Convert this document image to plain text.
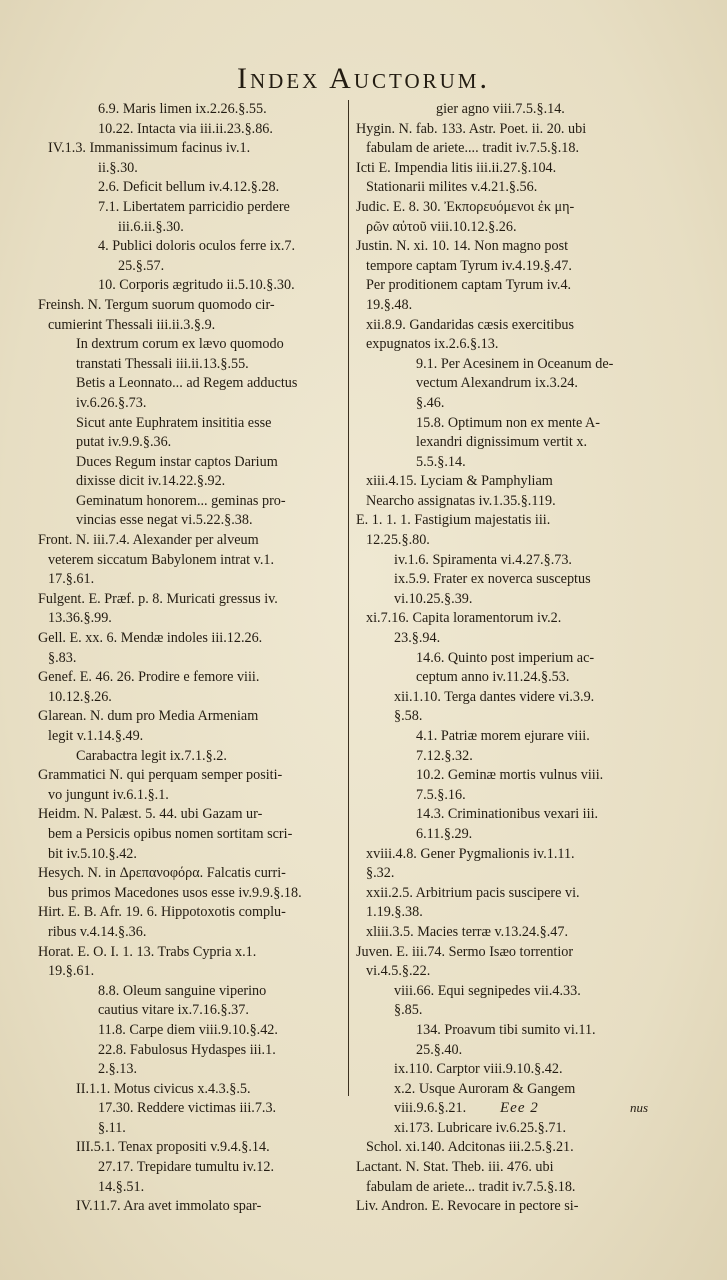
Index Auctorum.
6.9. Maris limen ix.2.26.§.55.
10.22. Intacta via iii.ii.23.§.86.
IV.1.3. Immanissimum facinus iv.1.
ii.§.30.
2.6. Deficit bellum iv.4.12.§.28.
7.1. Libertatem parricidio perdere
iii.6.ii.§.30.
4. Publici doloris oculos ferre ix.7.
25.§.57.
10. Corporis ægritudo ii.5.10.§.30.
Freinsh. N. Tergum suorum quomodo cir-
cumierint Thessali iii.ii.3.§.9.
In dextrum corum ex lævo quomodo
transtati Thessali iii.ii.13.§.55.
Betis a Leonnato... ad Regem adductus
iv.6.26.§.73.
Sicut ante Euphratem insititia esse
putat iv.9.9.§.36.
Duces Regum instar captos Darium
dixisse dicit iv.14.22.§.92.
Geminatum honorem... geminas pro-
vincias esse negat vi.5.22.§.38.
Front. N. iii.7.4. Alexander per alveum
veterem siccatum Babylonem intrat v.1.
17.§.61.
Fulgent. E. Præf. p. 8. Muricati gressus iv.
13.36.§.99.
Gell. E. xx. 6. Mendæ indoles iii.12.26.
§.83.
Genef. E. 46. 26. Prodire e femore viii.
10.12.§.26.
Glarean. N. dum pro Media Armeniam
legit v.1.14.§.49.
Carabactra legit ix.7.1.§.2.
Grammatici N. qui perquam semper positi-
vo jungunt iv.6.1.§.1.
Heidm. N. Palæst. 5. 44. ubi Gazam ur-
bem a Persicis opibus nomen sortitam scri-
bit iv.5.10.§.42.
Hesych. N. in Δρεπανοφόρα. Falcatis curri-
bus primos Macedones usos esse iv.9.9.§.18.
Hirt. E. B. Afr. 19. 6. Hippotoxotis complu-
ribus v.4.14.§.36.
Horat. E. O. I. 1. 13. Trabs Cypria x.1.
19.§.61.
8.8. Oleum sanguine viperino
cautius vitare ix.7.16.§.37.
11.8. Carpe diem viii.9.10.§.42.
22.8. Fabulosus Hydaspes iii.1.
2.§.13.
II.1.1. Motus civicus x.4.3.§.5.
17.30. Reddere victimas iii.7.3.
§.11.
III.5.1. Tenax propositi v.9.4.§.14.
27.17. Trepidare tumultu iv.12.
14.§.51.
IV.11.7. Ara avet immolato spar-
gier agno viii.7.5.§.14.
Hygin. N. fab. 133. Astr. Poet. ii. 20. ubi
fabulam de ariete.... tradit iv.7.5.§.18.
Icti E. Impendia litis iii.ii.27.§.104.
Stationarii milites v.4.21.§.56.
Judic. E. 8. 30. Ἐκπορευόμενοι ἐκ μη-
ρῶν αὐτοῦ viii.10.12.§.26.
Justin. N. xi. 10. 14. Non magno post
tempore captam Tyrum iv.4.19.§.47.
Per proditionem captam Tyrum iv.4.
19.§.48.
xii.8.9. Gandaridas cæsis exercitibus
expugnatos ix.2.6.§.13.
9.1. Per Acesinem in Oceanum de-
vectum Alexandrum ix.3.24.
§.46.
15.8. Optimum non ex mente A-
lexandri dignissimum vertit x.
5.5.§.14.
xiii.4.15. Lyciam & Pamphyliam
Nearcho assignatas iv.1.35.§.119.
E. 1. 1. 1. Fastigium majestatis iii.
12.25.§.80.
iv.1.6. Spiramenta vi.4.27.§.73.
ix.5.9. Frater ex noverca susceptus
vi.10.25.§.39.
xi.7.16. Capita loramentorum iv.2.
23.§.94.
14.6. Quinto post imperium ac-
ceptum anno iv.11.24.§.53.
xii.1.10. Terga dantes videre vi.3.9.
§.58.
4.1. Patriæ morem ejurare viii.
7.12.§.32.
10.2. Geminæ mortis vulnus viii.
7.5.§.16.
14.3. Criminationibus vexari iii.
6.11.§.29.
xviii.4.8. Gener Pygmalionis iv.1.11.
§.32.
xxii.2.5. Arbitrium pacis suscipere vi.
1.19.§.38.
xliii.3.5. Macies terræ v.13.24.§.47.
Juven. E. iii.74. Sermo Isæo torrentior
vi.4.5.§.22.
viii.66. Equi segnipedes vii.4.33.
§.85.
134. Proavum tibi sumito vi.11.
25.§.40.
ix.110. Carptor viii.9.10.§.42.
x.2. Usque Auroram & Gangem
viii.9.6.§.21.
xi.173. Lubricare iv.6.25.§.71.
Schol. xi.140. Adcitonas iii.2.5.§.21.
Lactant. N. Stat. Theb. iii. 476. ubi
fabulam de ariete... tradit iv.7.5.§.18.
Liv. Andron. E. Revocare in pectore si-
Eee 2	nus
